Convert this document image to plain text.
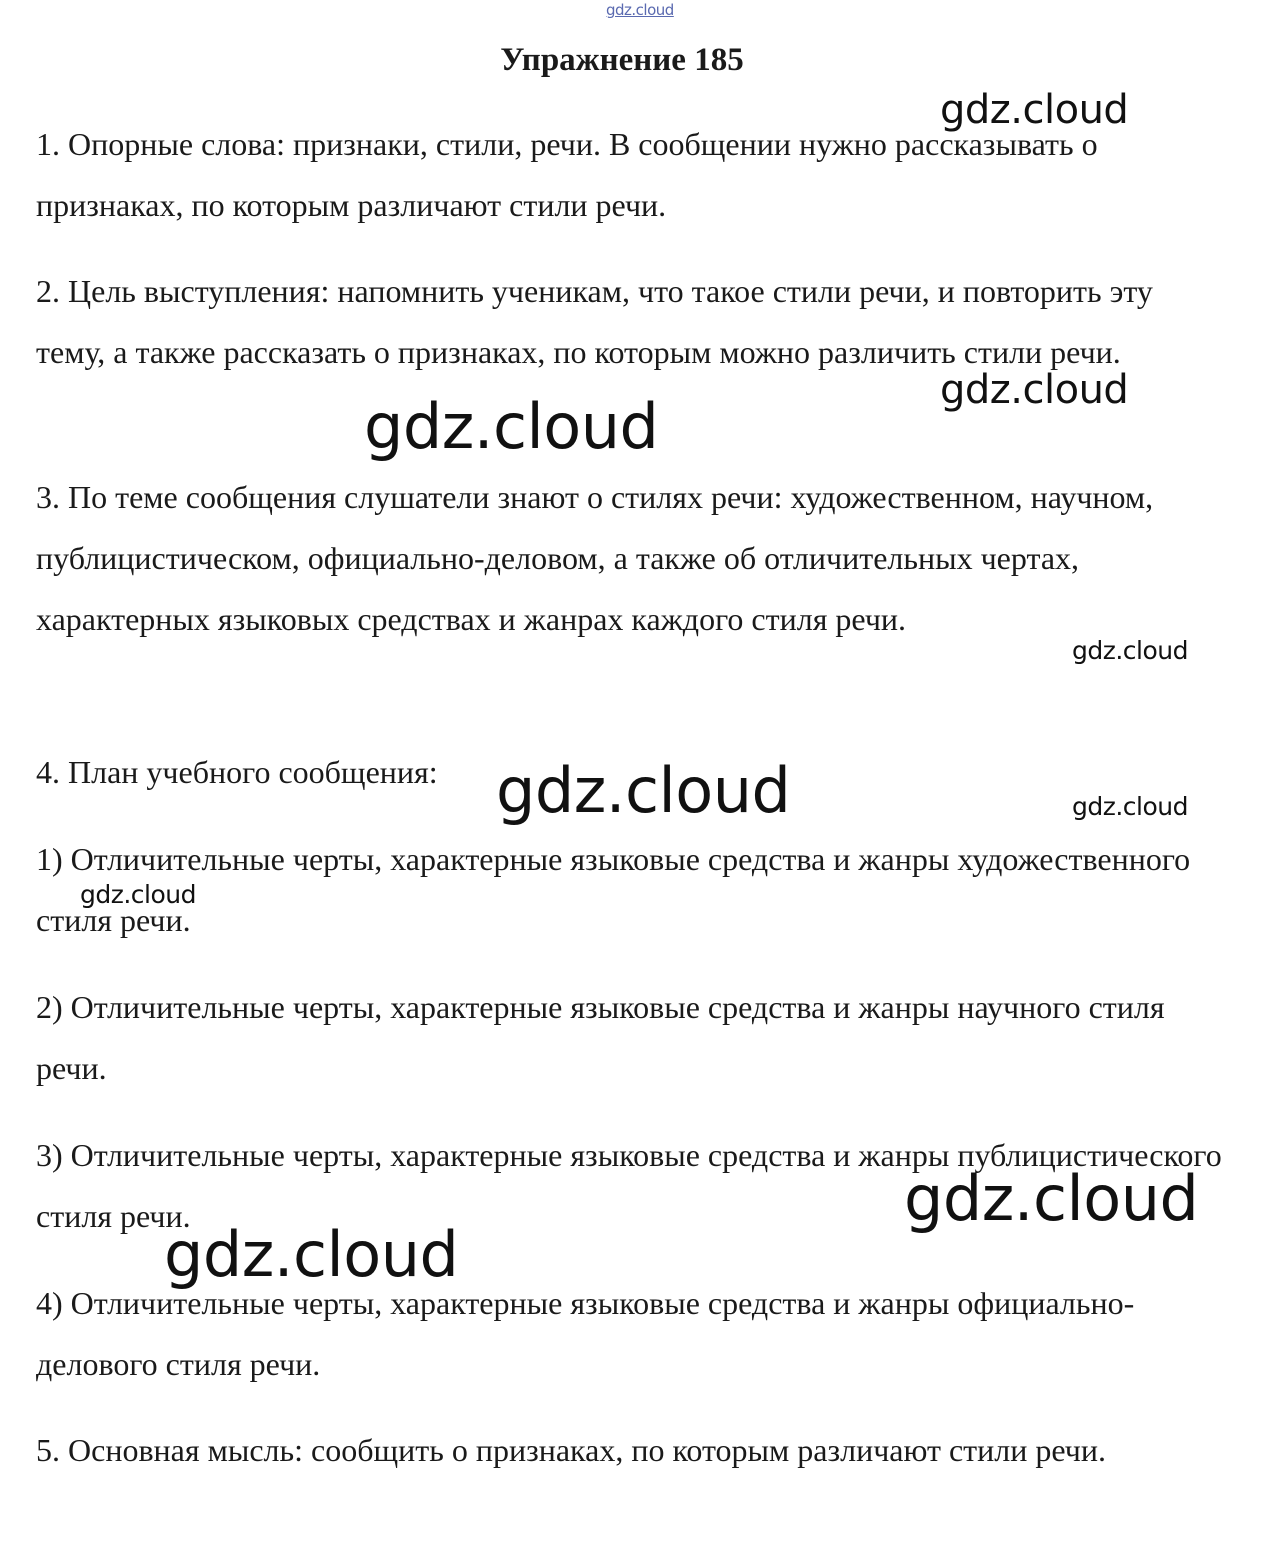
Упражнение 185

1. Опорные слова: признаки, стили, речи. В сообщении нужно рассказывать о признаках, по которым различают стили речи.

2. Цель выступления: напомнить ученикам, что такое стили речи, и повторить эту тему, а также рассказать о признаках, по которым можно различить стили речи.

3. По теме сообщения слушатели знают о стилях речи: художественном, научном, публицистическом, официально-деловом, а также об отличительных чертах, характерных языковых средствах и жанрах каждого стиля речи.

4. План учебного сообщения:

1) Отличительные черты, характерные языковые средства и жанры художественного стиля речи.

2) Отличительные черты, характерные языковые средства и жанры научного стиля речи.

3) Отличительные черты, характерные языковые средства и жанры публицистического стиля речи.

4) Отличительные черты, характерные языковые средства и жанры официально-делового стиля речи.

5. Основная мысль: сообщить о признаках, по которым различают стили речи.

gdz.cloud
gdz.cloud
gdz.cloud
gdz.cloud
gdz.cloud
gdz.cloud	gdz.cloud
gdz.cloud
gdz.cloud
gdz.cloud
